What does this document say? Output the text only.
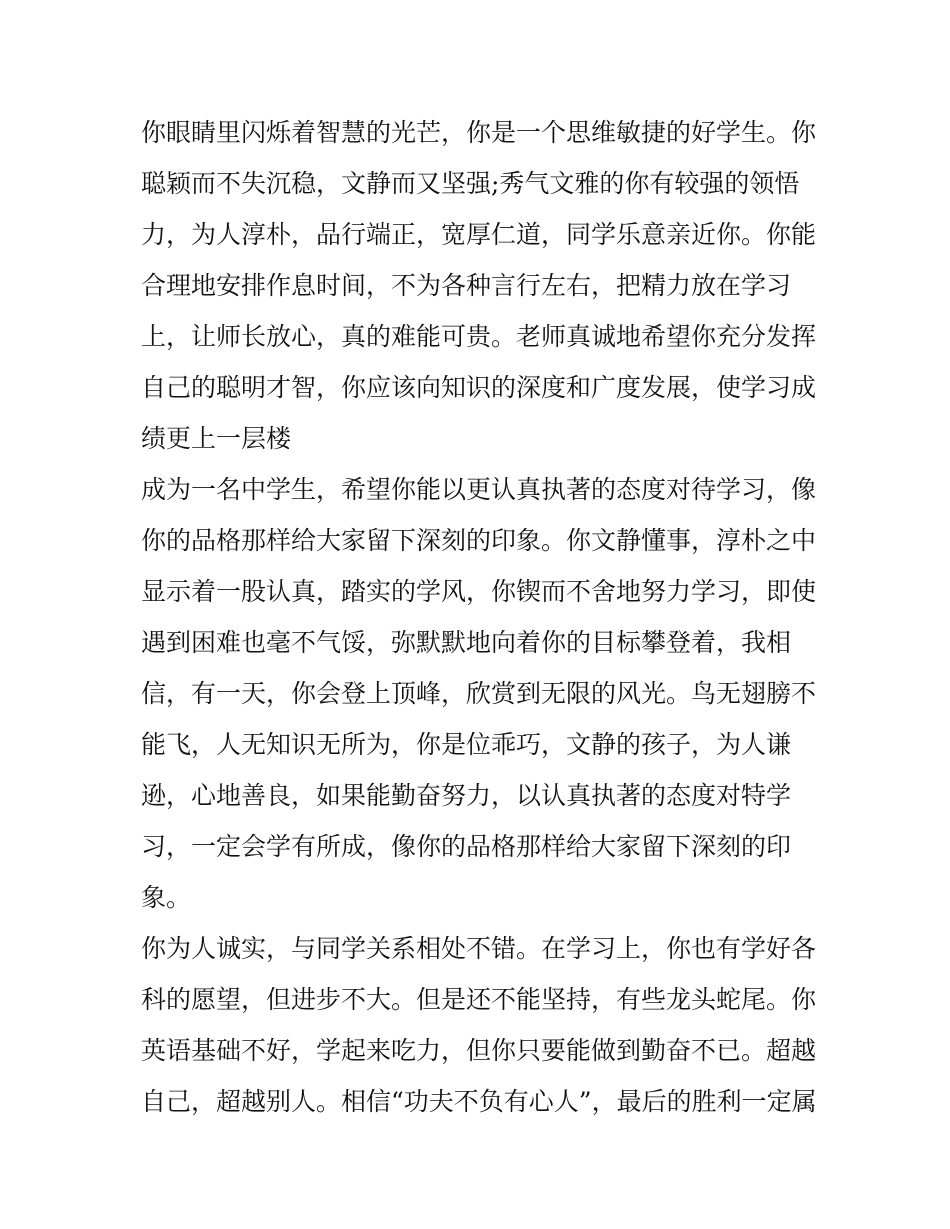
你眼睛里闪烁着智慧的光芒，你是一个思维敏捷的好学生。你
聪颖而不失沉稳，文静而又坚强;秀气文雅的你有较强的领悟
力，为人淳朴，品行端正，宽厚仁道，同学乐意亲近你。你能
合理地安排作息时间，不为各种言行左右，把精力放在学习
上，让师长放心，真的难能可贵。老师真诚地希望你充分发挥
自己的聪明才智，你应该向知识的深度和广度发展，使学习成
绩更上一层楼
成为一名中学生，希望你能以更认真执著的态度对待学习，像
你的品格那样给大家留下深刻的印象。你文静懂事，淳朴之中
显示着一股认真，踏实的学风，你锲而不舍地努力学习，即使
遇到困难也毫不气馁，弥默默地向着你的目标攀登着，我相
信，有一天，你会登上顶峰，欣赏到无限的风光。鸟无翅膀不
能飞，人无知识无所为，你是位乖巧，文静的孩子，为人谦
逊，心地善良，如果能勤奋努力，以认真执著的态度对特学
习，一定会学有所成，像你的品格那样给大家留下深刻的印
象。
你为人诚实，与同学关系相处不错。在学习上，你也有学好各
科的愿望，但进步不大。但是还不能坚持，有些龙头蛇尾。你
英语基础不好，学起来吃力，但你只要能做到勤奋不已。超越
自己，超越别人。相信“功夫不负有心人”，最后的胜利一定属
